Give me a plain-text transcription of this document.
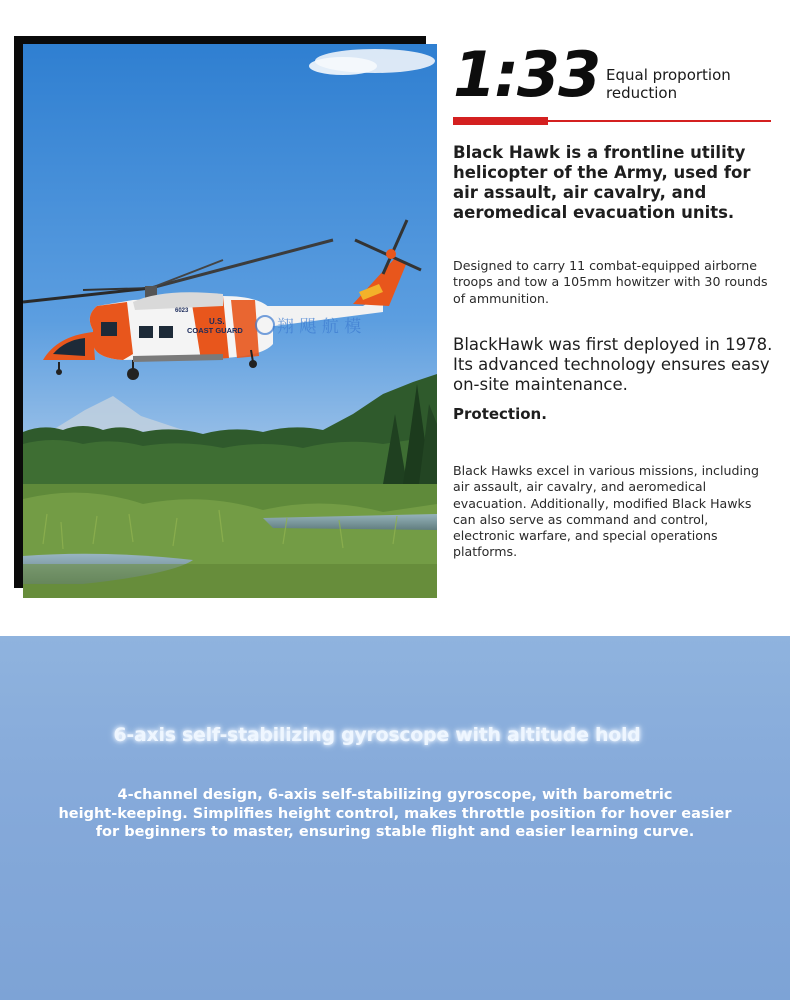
U.S.
COAST GUARD
6023
翔 飓 航 模
1:33 Equal proportion reduction
Black Hawk is a frontline utility helicopter of the Army, used for air assault, air cavalry, and aeromedical evacuation units.
Designed to carry 11 combat-equipped airborne troops and tow a 105mm howitzer with 30 rounds of ammunition.
BlackHawk was first deployed in 1978. Its advanced technology ensures easy on-site maintenance.
Protection.
Black Hawks excel in various missions, including air assault, air cavalry, and aeromedical evacuation. Additionally, modified Black Hawks can also serve as command and control, electronic warfare, and special operations platforms.
6-axis self-stabilizing gyroscope with altitude hold
4-channel design, 6-axis self-stabilizing gyroscope, with barometric
height-keeping. Simplifies height control, makes throttle position for hover easier
for beginners to master, ensuring stable flight and easier learning curve.
